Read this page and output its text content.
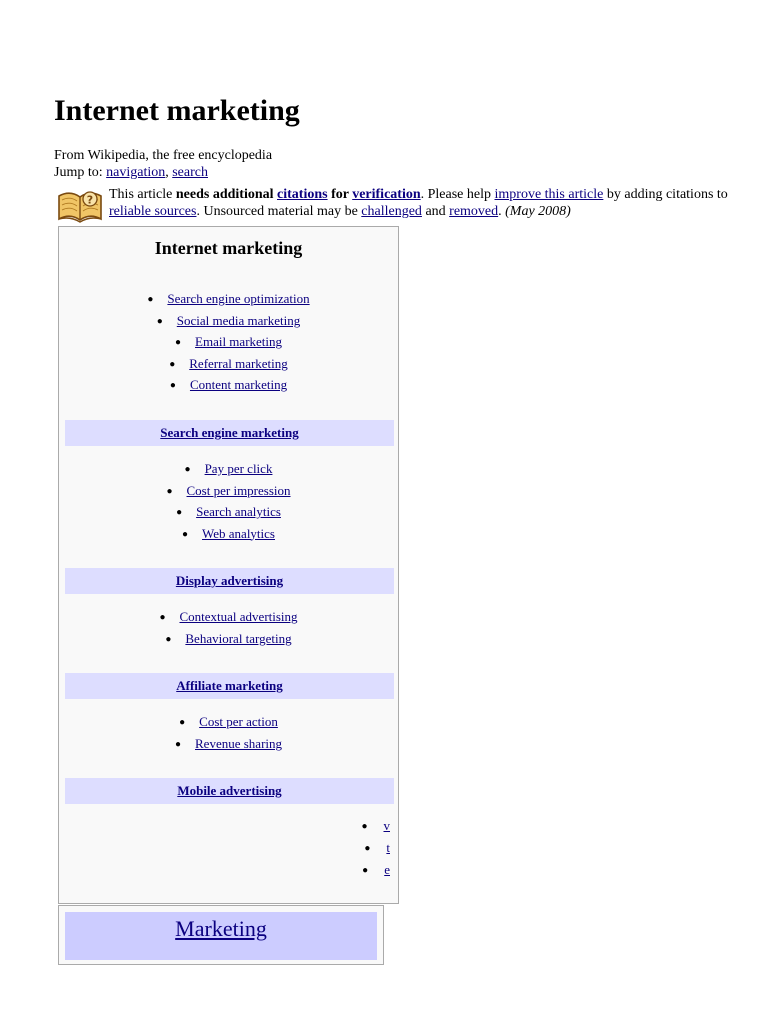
Internet marketing
From Wikipedia, the free encyclopedia
Jump to: navigation, search
? This article needs additional citations for verification. Please help improve this article by adding citations to reliable sources. Unsourced material may be challenged and removed. (May 2008)
Internet marketing
● Search engine optimization
● Social media marketing
● Email marketing
● Referral marketing
● Content marketing
Search engine marketing
● Pay per click
● Cost per impression
● Search analytics
● Web analytics
Display advertising
● Contextual advertising
● Behavioral targeting
Affiliate marketing
● Cost per action
● Revenue sharing
Mobile advertising
● v
● t
● e
Marketing
